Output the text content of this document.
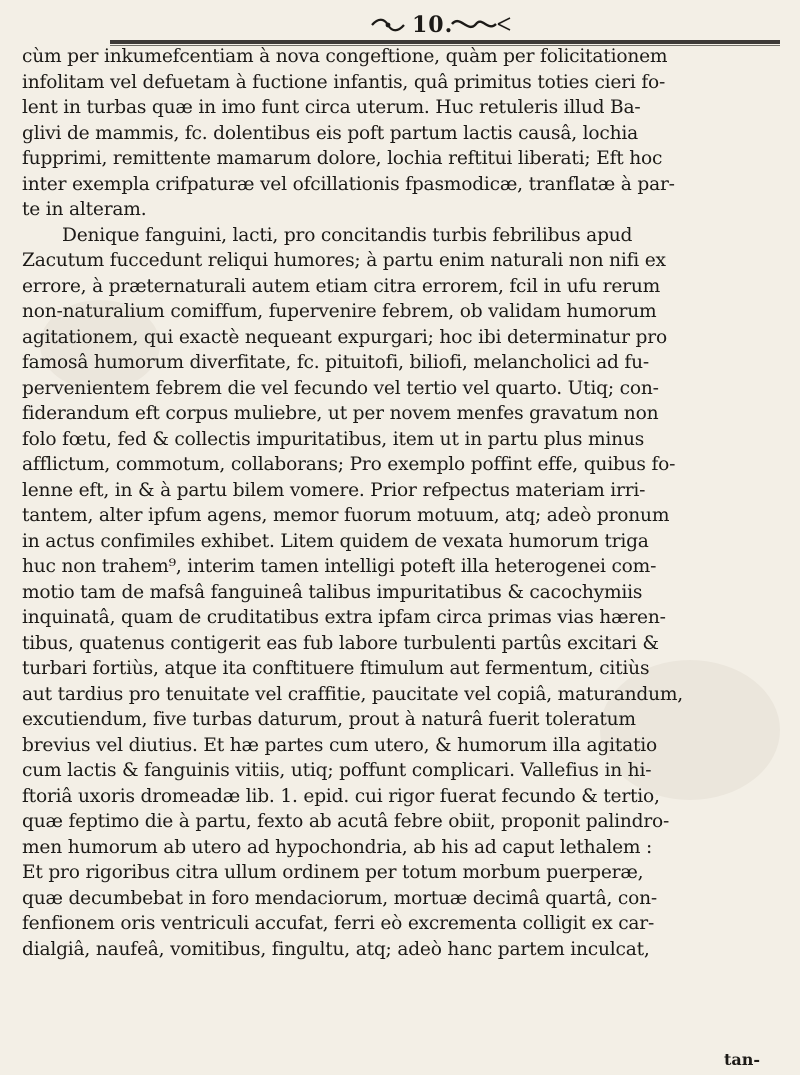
10.
cùm per inkumefcentiam à nova congeftione, quàm per folicitationem
infolitam vel defuetam à fuctione infantis, quâ primitus toties cieri fo-
lent in turbas quæ in imo funt circa uterum. Huc retuleris illud Ba-
glivi de mammis, fc. dolentibus eis poft partum lactis causâ, lochia
fupprimi, remittente mamarum dolore, lochia reftitui liberati; Eft hoc
inter exempla crifpaturæ vel ofcillationis fpasmodicæ, tranflatæ à par-
te in alteram.
Denique fanguini, lacti, pro concitandis turbis febrilibus apud
Zacutum fuccedunt reliqui humores; à partu enim naturali non nifi ex
errore, à præternaturali autem etiam citra errorem, fcil in ufu rerum
non-naturalium comiffum, fupervenire febrem, ob validam humorum
agitationem, qui exactè nequeant expurgari; hoc ibi determinatur pro
famosâ humorum diverfitate, fc. pituitofi, biliofi, melancholici ad fu-
pervenientem febrem die vel fecundo vel tertio vel quarto. Utiq; con-
fiderandum eft corpus muliebre, ut per novem menfes gravatum non
folo fœtu, fed & collectis impuritatibus, item ut in partu plus minus
afflictum, commotum, collaborans; Pro exemplo poffint effe, quibus fo-
lenne eft, in & à partu bilem vomere. Prior refpectus materiam irri-
tantem, alter ipfum agens, memor fuorum motuum, atq; adeò pronum
in actus confimiles exhibet. Litem quidem de vexata humorum triga
huc non trahem⁹, interim tamen intelligi poteft illa heterogenei com-
motio tam de mafsâ fanguineâ talibus impuritatibus & cacochymiis
inquinatâ, quam de cruditatibus extra ipfam circa primas vias hæren-
tibus, quatenus contigerit eas fub labore turbulenti partûs excitari &
turbari fortiùs, atque ita conftituere ftimulum aut fermentum, citiùs
aut tardius pro tenuitate vel craffitie, paucitate vel copiâ, maturandum,
excutiendum, five turbas daturum, prout à naturâ fuerit toleratum
brevius vel diutius. Et hæ partes cum utero, & humorum illa agitatio
cum lactis & fanguinis vitiis, utiq; poffunt complicari. Vallefius in hi-
ftoriâ uxoris dromeadæ lib. 1. epid. cui rigor fuerat fecundo & tertio,
quæ feptimo die à partu, fexto ab acutâ febre obiit, proponit palindro-
men humorum ab utero ad hypochondria, ab his ad caput lethalem :
Et pro rigoribus citra ullum ordinem per totum morbum puerperæ,
quæ decumbebat in foro mendaciorum, mortuæ decimâ quartâ, con-
fenfionem oris ventriculi accufat, ferri eò excrementa colligit ex car-
dialgiâ, naufeâ, vomitibus, fingultu, atq; adeò hanc partem inculcat,
tan-
